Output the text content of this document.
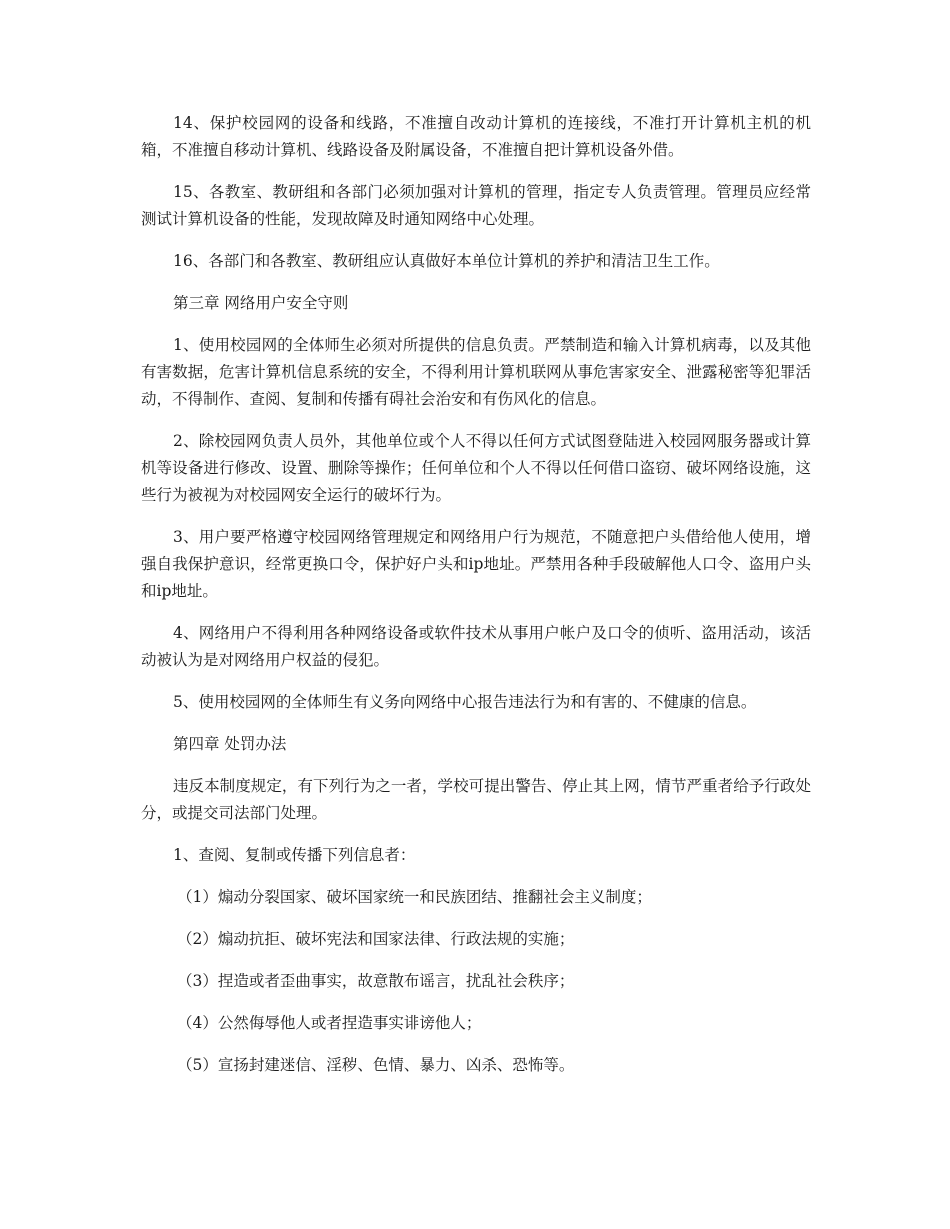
14、保护校园网的设备和线路，不准擅自改动计算机的连接线，不准打开计算机主机的机箱，不准擅自移动计算机、线路设备及附属设备，不准擅自把计算机设备外借。

15、各教室、教研组和各部门必须加强对计算机的管理，指定专人负责管理。管理员应经常测试计算机设备的性能，发现故障及时通知网络中心处理。

16、各部门和各教室、教研组应认真做好本单位计算机的养护和清洁卫生工作。

第三章 网络用户安全守则

1、使用校园网的全体师生必须对所提供的信息负责。严禁制造和输入计算机病毒，以及其他有害数据，危害计算机信息系统的安全，不得利用计算机联网从事危害家安全、泄露秘密等犯罪活动，不得制作、查阅、复制和传播有碍社会治安和有伤风化的信息。

2、除校园网负责人员外，其他单位或个人不得以任何方式试图登陆进入校园网服务器或计算机等设备进行修改、设置、删除等操作；任何单位和个人不得以任何借口盗窃、破坏网络设施，这些行为被视为对校园网安全运行的破坏行为。

3、用户要严格遵守校园网络管理规定和网络用户行为规范，不随意把户头借给他人使用，增强自我保护意识，经常更换口令，保护好户头和ip地址。严禁用各种手段破解他人口令、盗用户头和ip地址。

4、网络用户不得利用各种网络设备或软件技术从事用户帐户及口令的侦听、盗用活动，该活动被认为是对网络用户权益的侵犯。

5、使用校园网的全体师生有义务向网络中心报告违法行为和有害的、不健康的信息。

第四章 处罚办法

违反本制度规定，有下列行为之一者，学校可提出警告、停止其上网，情节严重者给予行政处分，或提交司法部门处理。

1、查阅、复制或传播下列信息者：

（1）煽动分裂国家、破坏国家统一和民族团结、推翻社会主义制度；

（2）煽动抗拒、破坏宪法和国家法律、行政法规的实施；

（3）捏造或者歪曲事实，故意散布谣言，扰乱社会秩序；

（4）公然侮辱他人或者捏造事实诽谤他人；

（5）宣扬封建迷信、淫秽、色情、暴力、凶杀、恐怖等。
